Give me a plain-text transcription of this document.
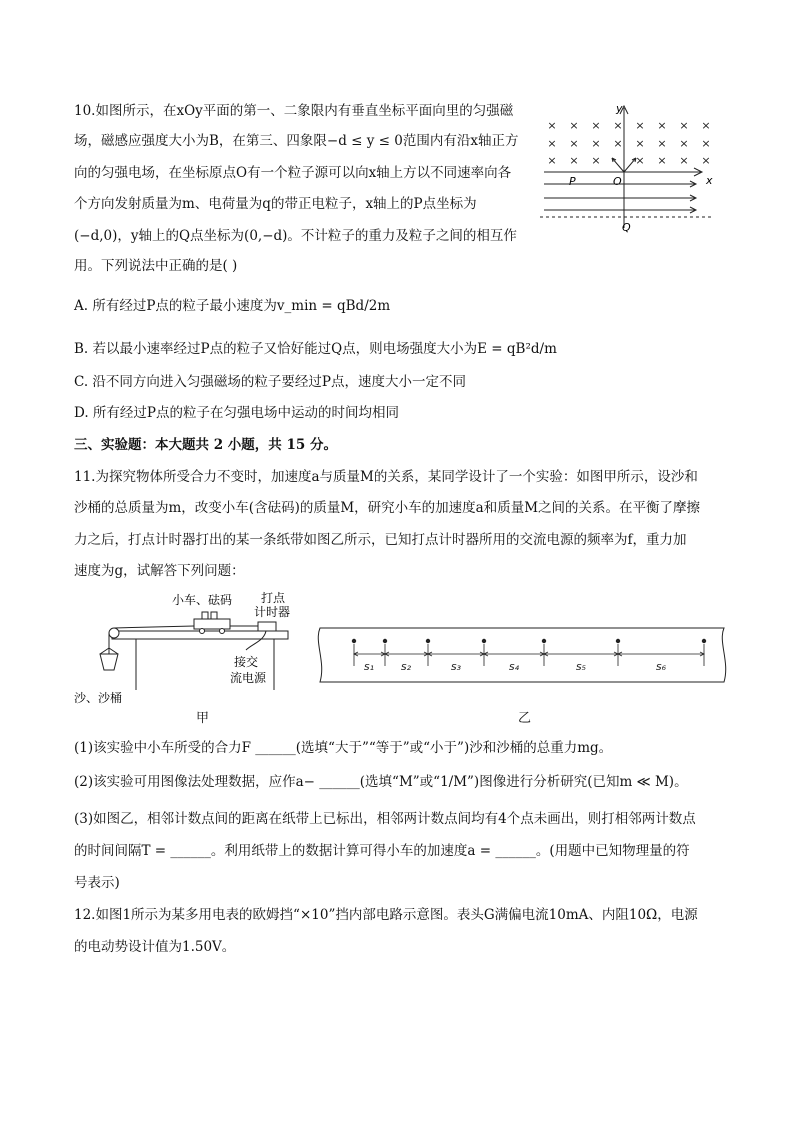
10.如图所示，在xOy平面的第一、二象限内有垂直坐标平面向里的匀强磁
场，磁感应强度大小为B，在第三、四象限−d ≤ y ≤ 0范围内有沿x轴正方
向的匀强电场，在坐标原点O有一个粒子源可以向x轴上方以不同速率向各
个方向发射质量为m、电荷量为q的带正电粒子，x轴上的P点坐标为
(−d,0)，y轴上的Q点坐标为(0,−d)。不计粒子的重力及粒子之间的相互作
用。下列说法中正确的是( )
× × × × × × ×
× × × × × × ×
×
×
× × ×	× × × ×
y
x
P	O
Q
A. 所有经过P点的粒子最小速度为v_min = qBd/2m
B. 若以最小速率经过P点的粒子又恰好能过Q点，则电场强度大小为E = qB²d/m
C. 沿不同方向进入匀强磁场的粒子要经过P点，速度大小一定不同
D. 所有经过P点的粒子在匀强电场中运动的时间均相同
三、实验题：本大题共 2 小题，共 15 分。
11.为探究物体所受合力不变时，加速度a与质量M的关系，某同学设计了一个实验：如图甲所示，设沙和
沙桶的总质量为m，改变小车(含砝码)的质量M，研究小车的加速度a和质量M之间的关系。在平衡了摩擦
力之后，打点计时器打出的某一条纸带如图乙所示，已知打点计时器所用的交流电源的频率为f，重力加
速度为g，试解答下列问题：
小车、砝码 打点
计时器
接交
流电源
沙、沙桶
甲
s₁ s₂	s₃	s₄	s₅	s₆
乙
(1)该实验中小车所受的合力F ______(选填“大于”“等于”或“小于”)沙和沙桶的总重力mg。
(2)该实验可用图像法处理数据，应作a− ______(选填“M”或“1/M”)图像进行分析研究(已知m ≪ M)。
(3)如图乙，相邻计数点间的距离在纸带上已标出，相邻两计数点间均有4个点未画出，则打相邻两计数点
的时间间隔T = ______。利用纸带上的数据计算可得小车的加速度a = ______。(用题中已知物理量的符
号表示)
12.如图1所示为某多用电表的欧姆挡“×10”挡内部电路示意图。表头G满偏电流10mA、内阻10Ω，电源
的电动势设计值为1.50V。
